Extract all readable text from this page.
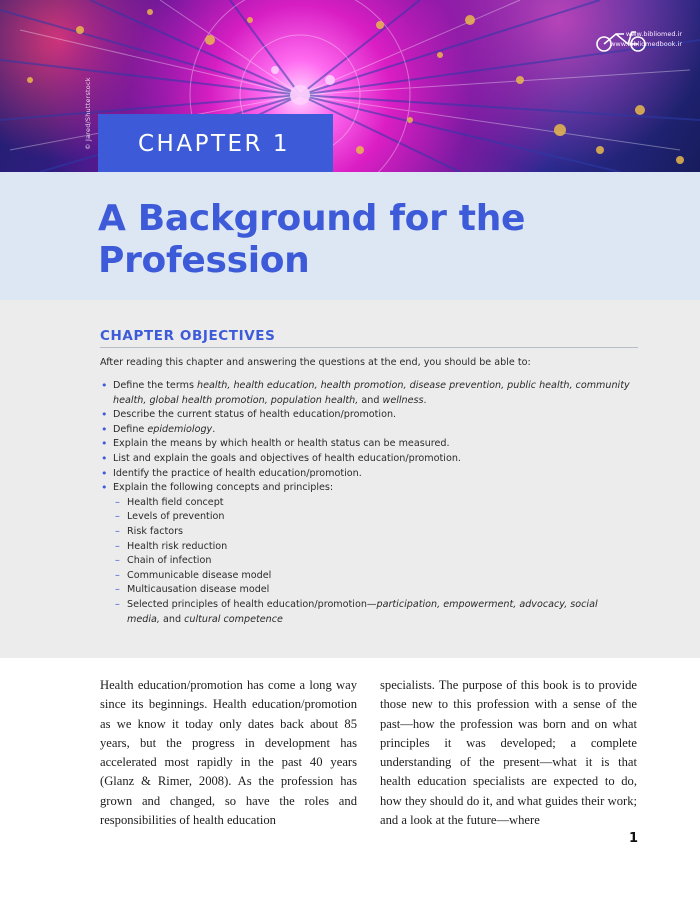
© Jared/Shutterstock
www.bibliomed.ir
www.bibliomedbook.ir
CHAPTER 1
A Background for the Profession
CHAPTER OBJECTIVES

After reading this chapter and answering the questions at the end, you should be able to:

• Define the terms health, health education, health promotion, disease prevention, public health, community health, global health promotion, population health, and wellness.
• Describe the current status of health education/promotion.
• Define epidemiology.
• Explain the means by which health or health status can be measured.
• List and explain the goals and objectives of health education/promotion.
• Identify the practice of health education/promotion.
• Explain the following concepts and principles:
– Health field concept
– Levels of prevention
– Risk factors
– Health risk reduction
– Chain of infection
– Communicable disease model
– Multicausation disease model
– Selected principles of health education/promotion—participation, empowerment, advocacy, social media, and cultural competence

Health education/promotion has come a long way since its beginnings. Health education/promotion as we know it today only dates back about 85 years, but the progress in development has accelerated most rapidly in the past 40 years (Glanz & Rimer, 2008). As the profession has grown and changed, so have the roles and responsibilities of health education

specialists. The purpose of this book is to provide those new to this profession with a sense of the past—how the profession was born and on what principles it was developed; a complete understanding of the present—what it is that health education specialists are expected to do, how they should do it, and what guides their work; and a look at the future—where

1
